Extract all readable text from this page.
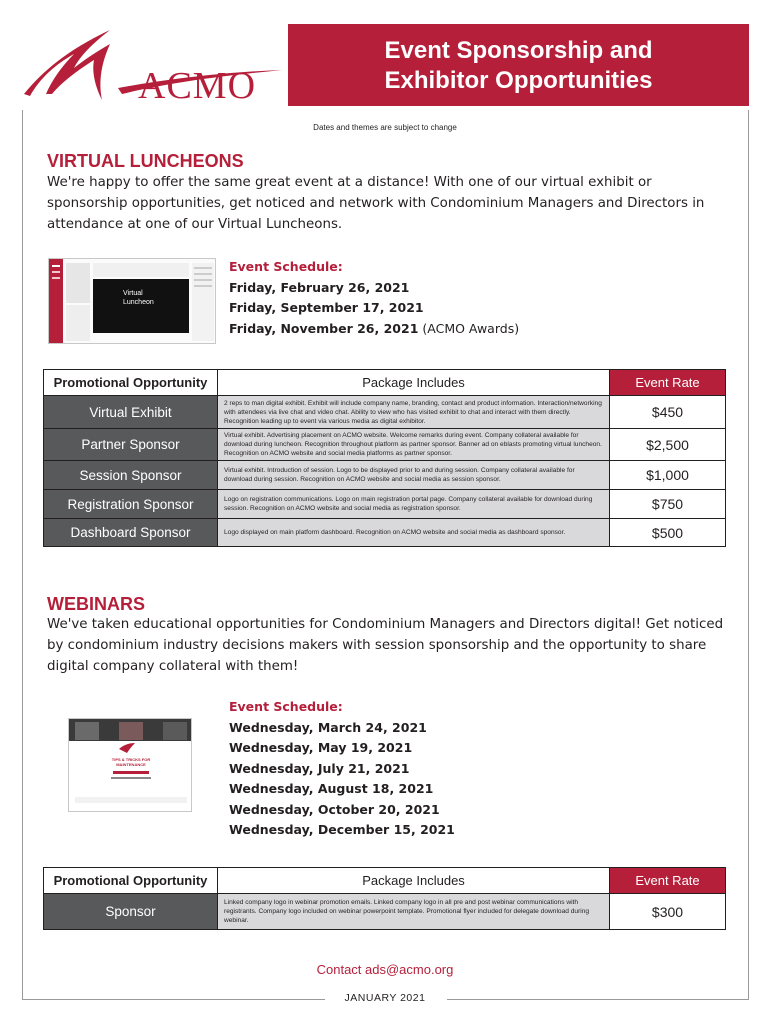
ACMO
Event Sponsorship and
Exhibitor Opportunities
Dates and themes are subject to change
VIRTUAL LUNCHEONS
We're happy to offer the same great event at a distance! With one of our virtual exhibit or sponsorship opportunities, get noticed and network with Condominium Managers and Directors in attendance at one of our Virtual Luncheons.
Virtual Luncheon
Event Schedule:
Friday, February 26, 2021
Friday, September 17, 2021
Friday, November 26, 2021 (ACMO Awards)
Promotional Opportunity	Package Includes	Event Rate
Virtual Exhibit	2 reps to man digital exhibit. Exhibit will include company name, branding, contact and product information. Interaction/networking with attendees via live chat and video chat. Ability to view who has visited exhibit to chat and interact with them directly. Recognition leading up to event via various media as digital exhibitor.	$450
Partner Sponsor	Virtual exhibit. Advertising placement on ACMO website. Welcome remarks during event. Company collateral available for download during luncheon. Recognition throughout platform as partner sponsor. Banner ad on eblasts promoting virtual luncheon. Recognition on ACMO website and social media platforms as partner sponsor.	$2,500
Session Sponsor	Virtual exhibit. Introduction of session. Logo to be displayed prior to and during session. Company collateral available for download during session. Recognition on ACMO website and social media as session sponsor.	$1,000
Registration Sponsor	Logo on registration communications. Logo on main registration portal page. Company collateral available for download during session. Recognition on ACMO website and social media as registration sponsor.	$750
Dashboard Sponsor	Logo displayed on main platform dashboard. Recognition on ACMO website and social media as dashboard sponsor.	$500
WEBINARS
We've taken educational opportunities for Condominium Managers and Directors digital! Get noticed by condominium industry decisions makers with session sponsorship and the opportunity to share digital company collateral with them!
TIPS & TRICKS FOR MAINTENANCE
Event Schedule:
Wednesday, March 24, 2021
Wednesday, May 19, 2021
Wednesday, July 21, 2021
Wednesday, August 18, 2021
Wednesday, October 20, 2021
Wednesday, December 15, 2021
Promotional Opportunity	Package Includes	Event Rate
Sponsor	Linked company logo in webinar promotion emails. Linked company logo in all pre and post webinar communications with registrants. Company logo included on webinar powerpoint template. Promotional flyer included for delegate download during webinar.	$300
Contact ads@acmo.org
JANUARY 2021
